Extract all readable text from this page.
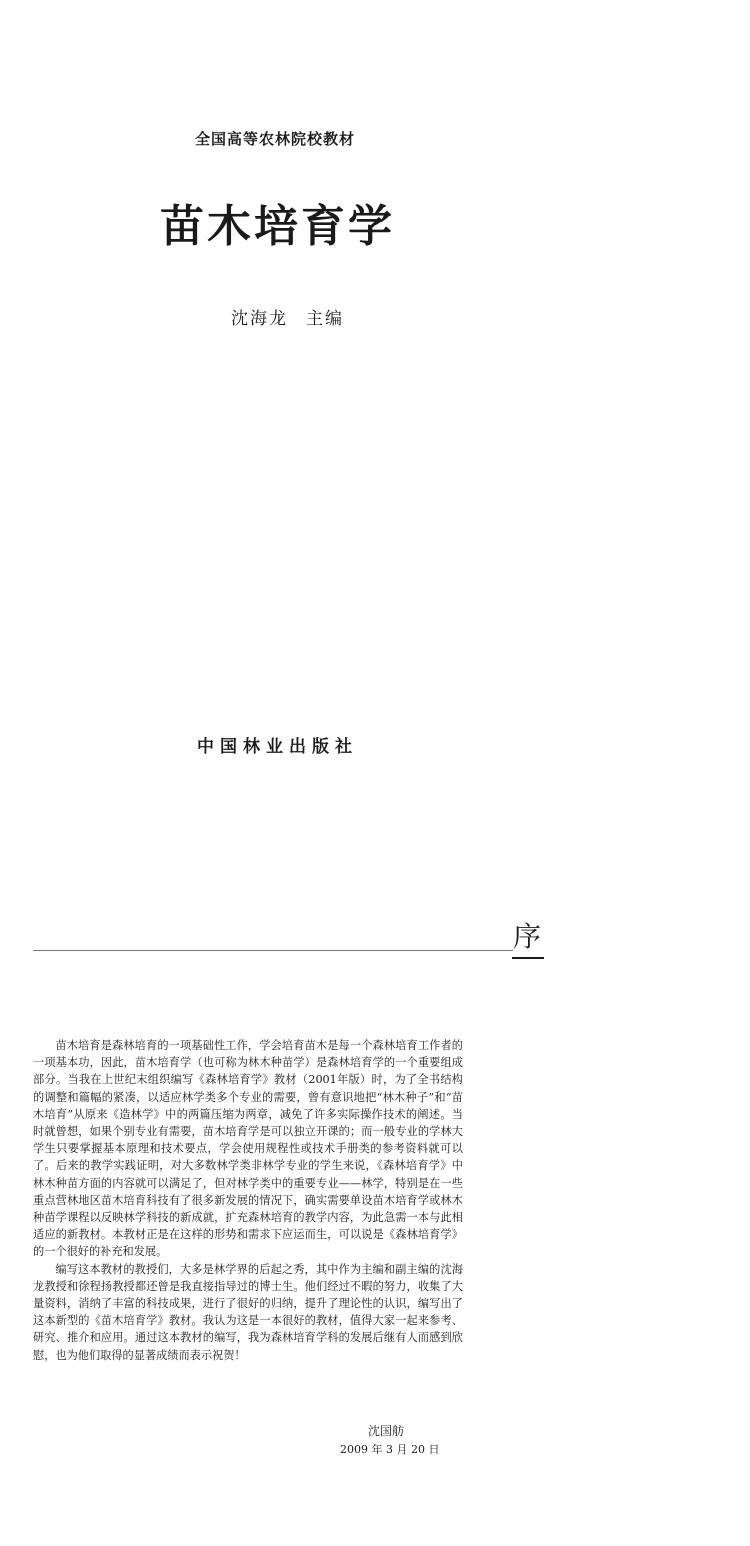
全国高等农林院校教材
苗木培育学
沈海龙 主编
中国林业出版社
序

苗木培育是森林培育的一项基础性工作，学会培育苗木是每一个森林培育工作者的一项基本功，因此，苗木培育学（也可称为林木种苗学）是森林培育学的一个重要组成部分。当我在上世纪末组织编写《森林培育学》教材（2001年版）时，为了全书结构的调整和篇幅的紧凑，以适应林学类多个专业的需要，曾有意识地把“林木种子”和“苗木培育”从原来《造林学》中的两篇压缩为两章，减免了许多实际操作技术的阐述。当时就曾想，如果个别专业有需要，苗木培育学是可以独立开课的；而一般专业的学林大学生只要掌握基本原理和技术要点，学会使用规程性或技术手册类的参考资料就可以了。后来的教学实践证明，对大多数林学类非林学专业的学生来说，《森林培育学》中林木种苗方面的内容就可以满足了，但对林学类中的重要专业——林学，特别是在一些重点营林地区苗木培育科技有了很多新发展的情况下，确实需要单设苗木培育学或林木种苗学课程以反映林学科技的新成就，扩充森林培育的教学内容，为此急需一本与此相适应的新教材。本教材正是在这样的形势和需求下应运而生，可以说是《森林培育学》的一个很好的补充和发展。

编写这本教材的教授们，大多是林学界的后起之秀，其中作为主编和副主编的沈海龙教授和徐程扬教授都还曾是我直接指导过的博士生。他们经过不暇的努力，收集了大量资料，消纳了丰富的科技成果，进行了很好的归纳，提升了理论性的认识，编写出了这本新型的《苗木培育学》教材。我认为这是一本很好的教材，值得大家一起来参考、研究、推介和应用。通过这本教材的编写，我为森林培育学科的发展后继有人而感到欣慰，也为他们取得的显著成绩而表示祝贺！

沈国舫
2009 年 3 月 20 日
